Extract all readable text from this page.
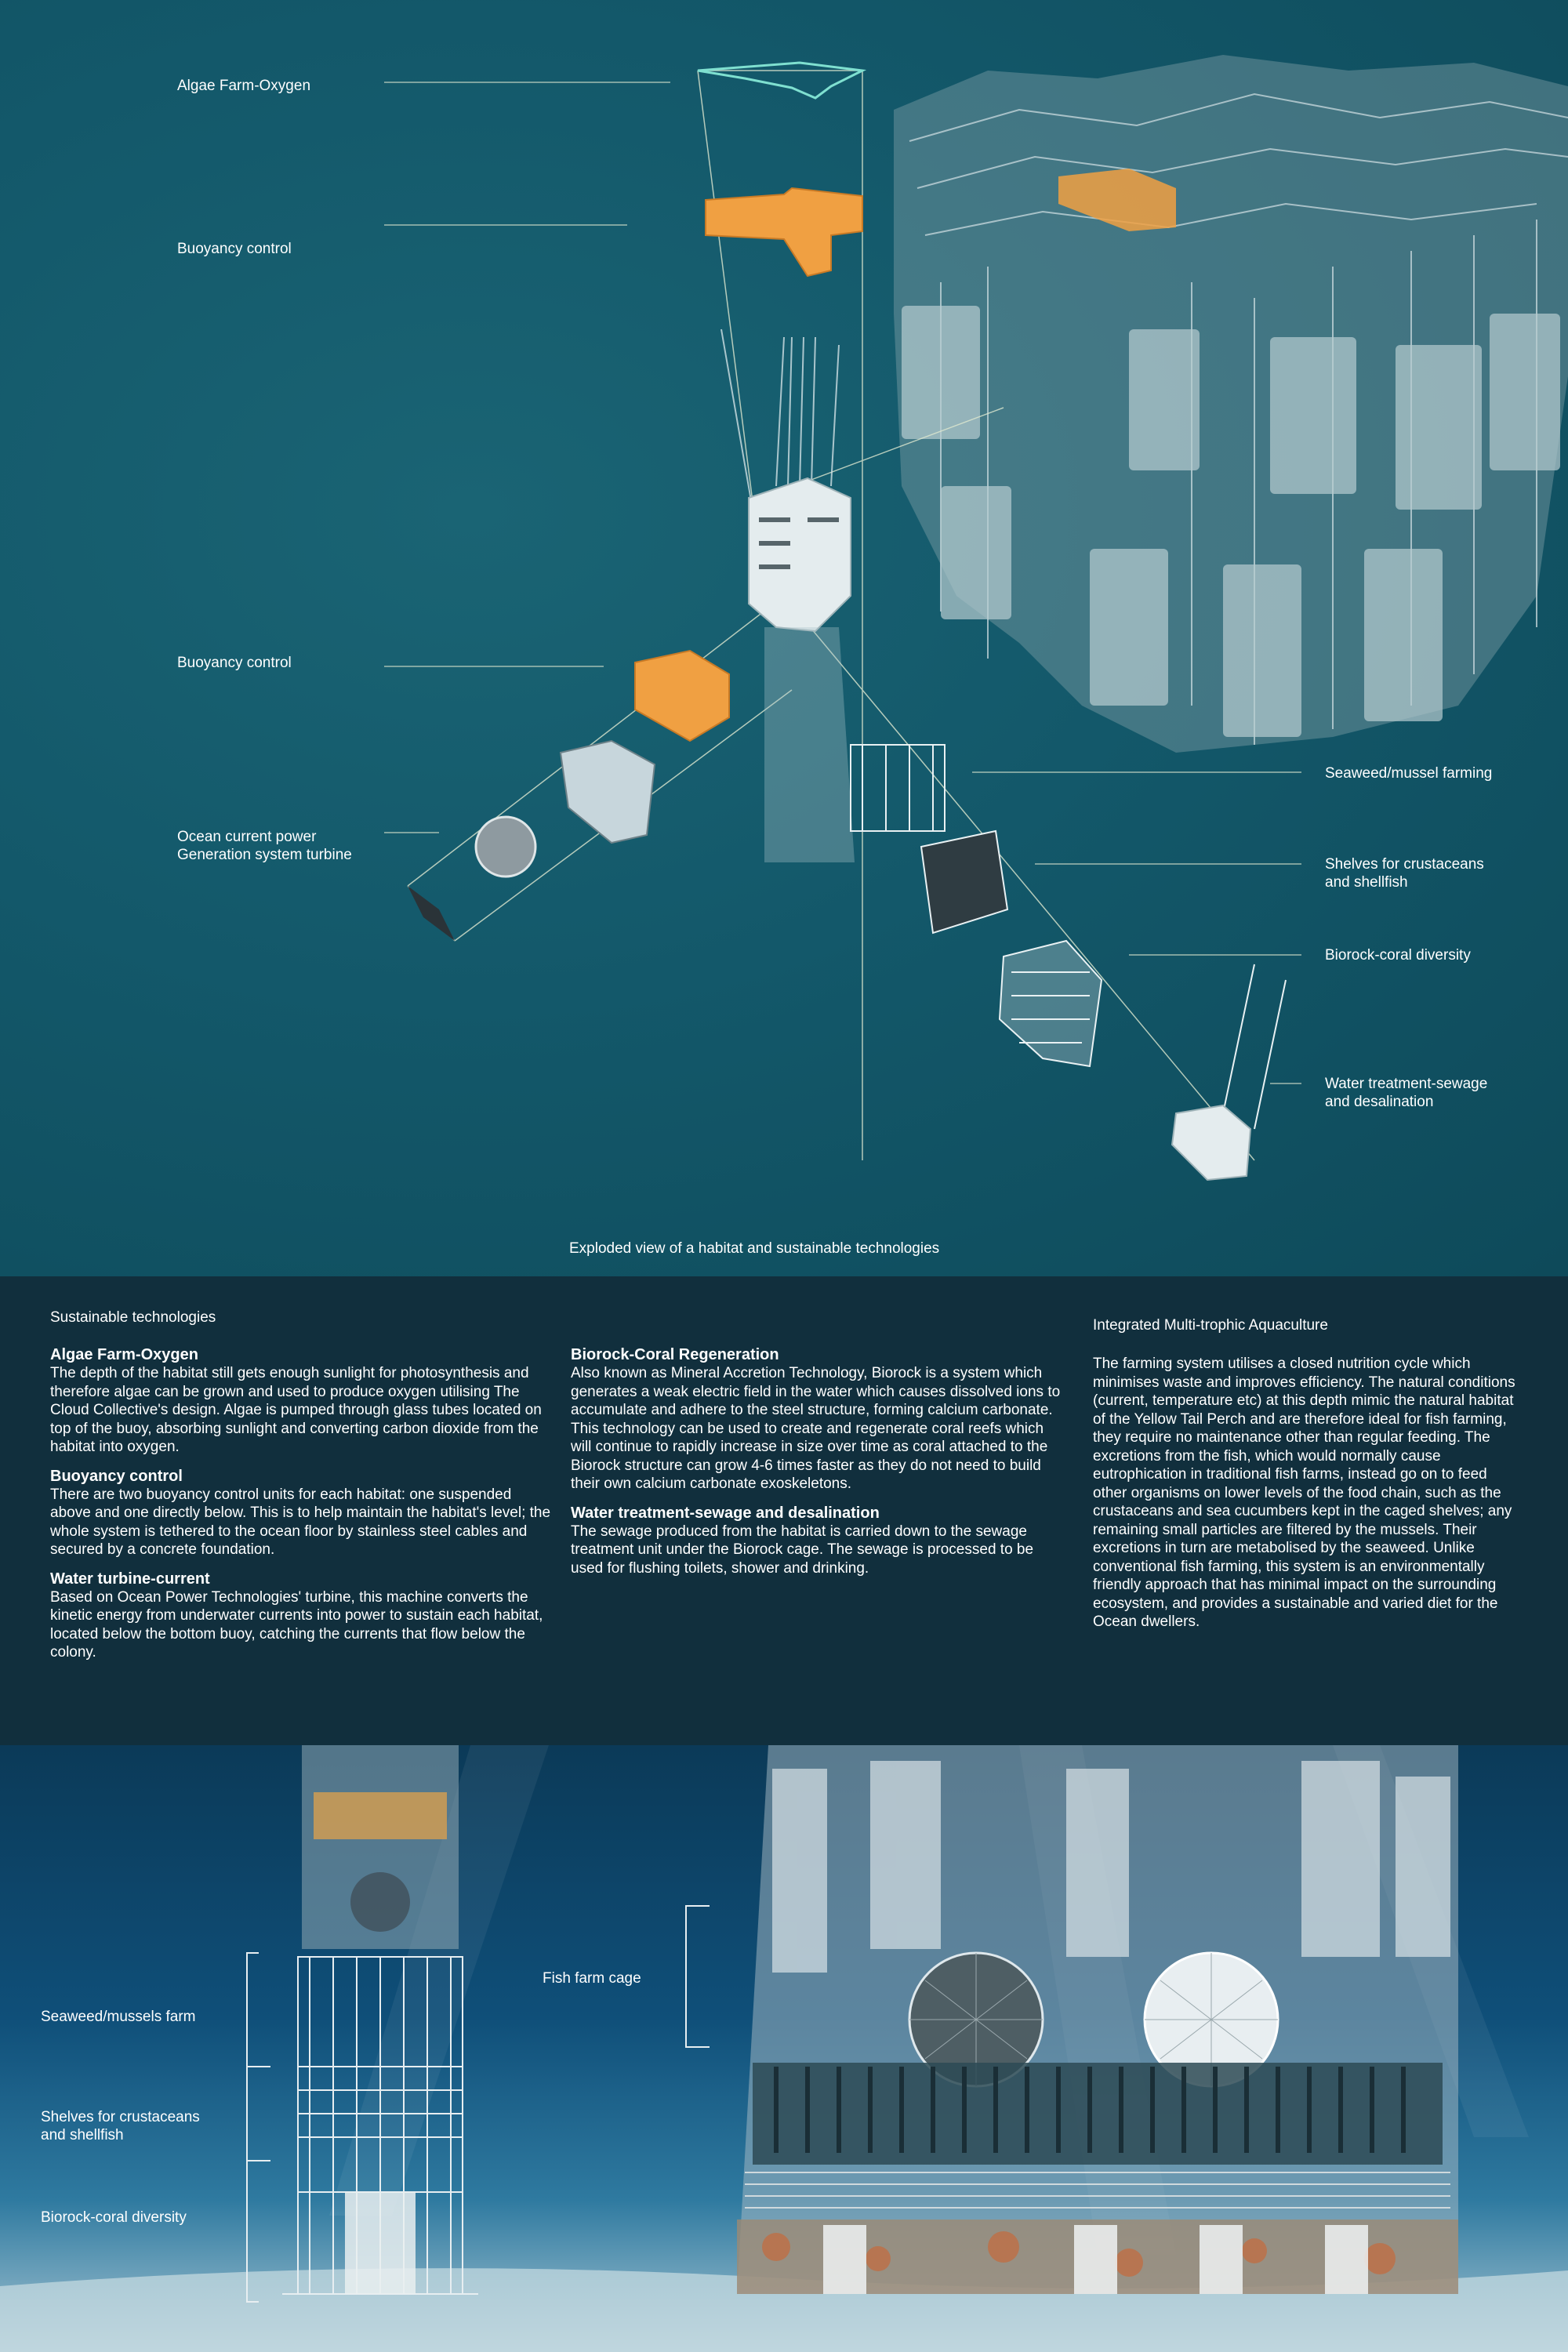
Algae Farm-Oxygen
Buoyancy control
Buoyancy control
Ocean current power
Generation system turbine
Seaweed/mussel farming
Shelves for crustaceans
and shellfish
Biorock-coral diversity
Water treatment-sewage
and desalination
Exploded view of a habitat and sustainable technologies
Sustainable technologies
Algae Farm-Oxygen

The depth of the habitat still gets enough sunlight for photosynthesis and therefore algae can be grown and used to produce oxygen utilising The Cloud Collective's design. Algae is pumped through glass tubes located on top of the buoy, absorbing sunlight and converting carbon dioxide from the habitat into oxygen.

Buoyancy control

There are two buoyancy control units for each habitat: one suspended above and one directly below. This is to help maintain the habitat's level; the whole system is tethered to the ocean floor by stainless steel cables and secured by a concrete foundation.

Water turbine-current

Based on Ocean Power Technologies' turbine, this machine converts the kinetic energy from underwater currents into power to sustain each habitat, located below the bottom buoy, catching the currents that flow below the colony.

Biorock-Coral Regeneration

Also known as Mineral Accretion Technology, Biorock is a system which generates a weak electric field in the water which causes dissolved ions to accumulate and adhere to the steel structure, forming calcium carbonate. This technology can be used to create and regenerate coral reefs which will continue to rapidly increase in size over time as coral attached to the Biorock structure can grow 4-6 times faster as they do not need to build their own calcium carbonate exoskeletons.

Water treatment-sewage and desalination

The sewage produced from the habitat is carried down to the sewage treatment unit under the Biorock cage. The sewage is processed to be used for flushing toilets, shower and drinking.

Integrated Multi-trophic Aquaculture

The farming system utilises a closed nutrition cycle which minimises waste and improves efficiency. The natural conditions (current, temperature etc) at this depth mimic the natural habitat of the Yellow Tail Perch and are therefore ideal for fish farming, they require no maintenance other than regular feeding. The excretions from the fish, which would normally cause eutrophication in traditional fish farms, instead go on to feed other organisms on lower levels of the food chain, such as the crustaceans and sea cucumbers kept in the caged shelves; any remaining small particles are filtered by the mussels. Their excretions in turn are metabolised by the seaweed. Unlike conventional fish farming, this system is an environmentally friendly approach that has minimal impact on the surrounding ecosystem, and provides a sustainable and varied diet for the Ocean dwellers.

Seaweed/mussels farm
Shelves for crustaceans
and shellfish
Biorock-coral diversity
Fish farm cage
